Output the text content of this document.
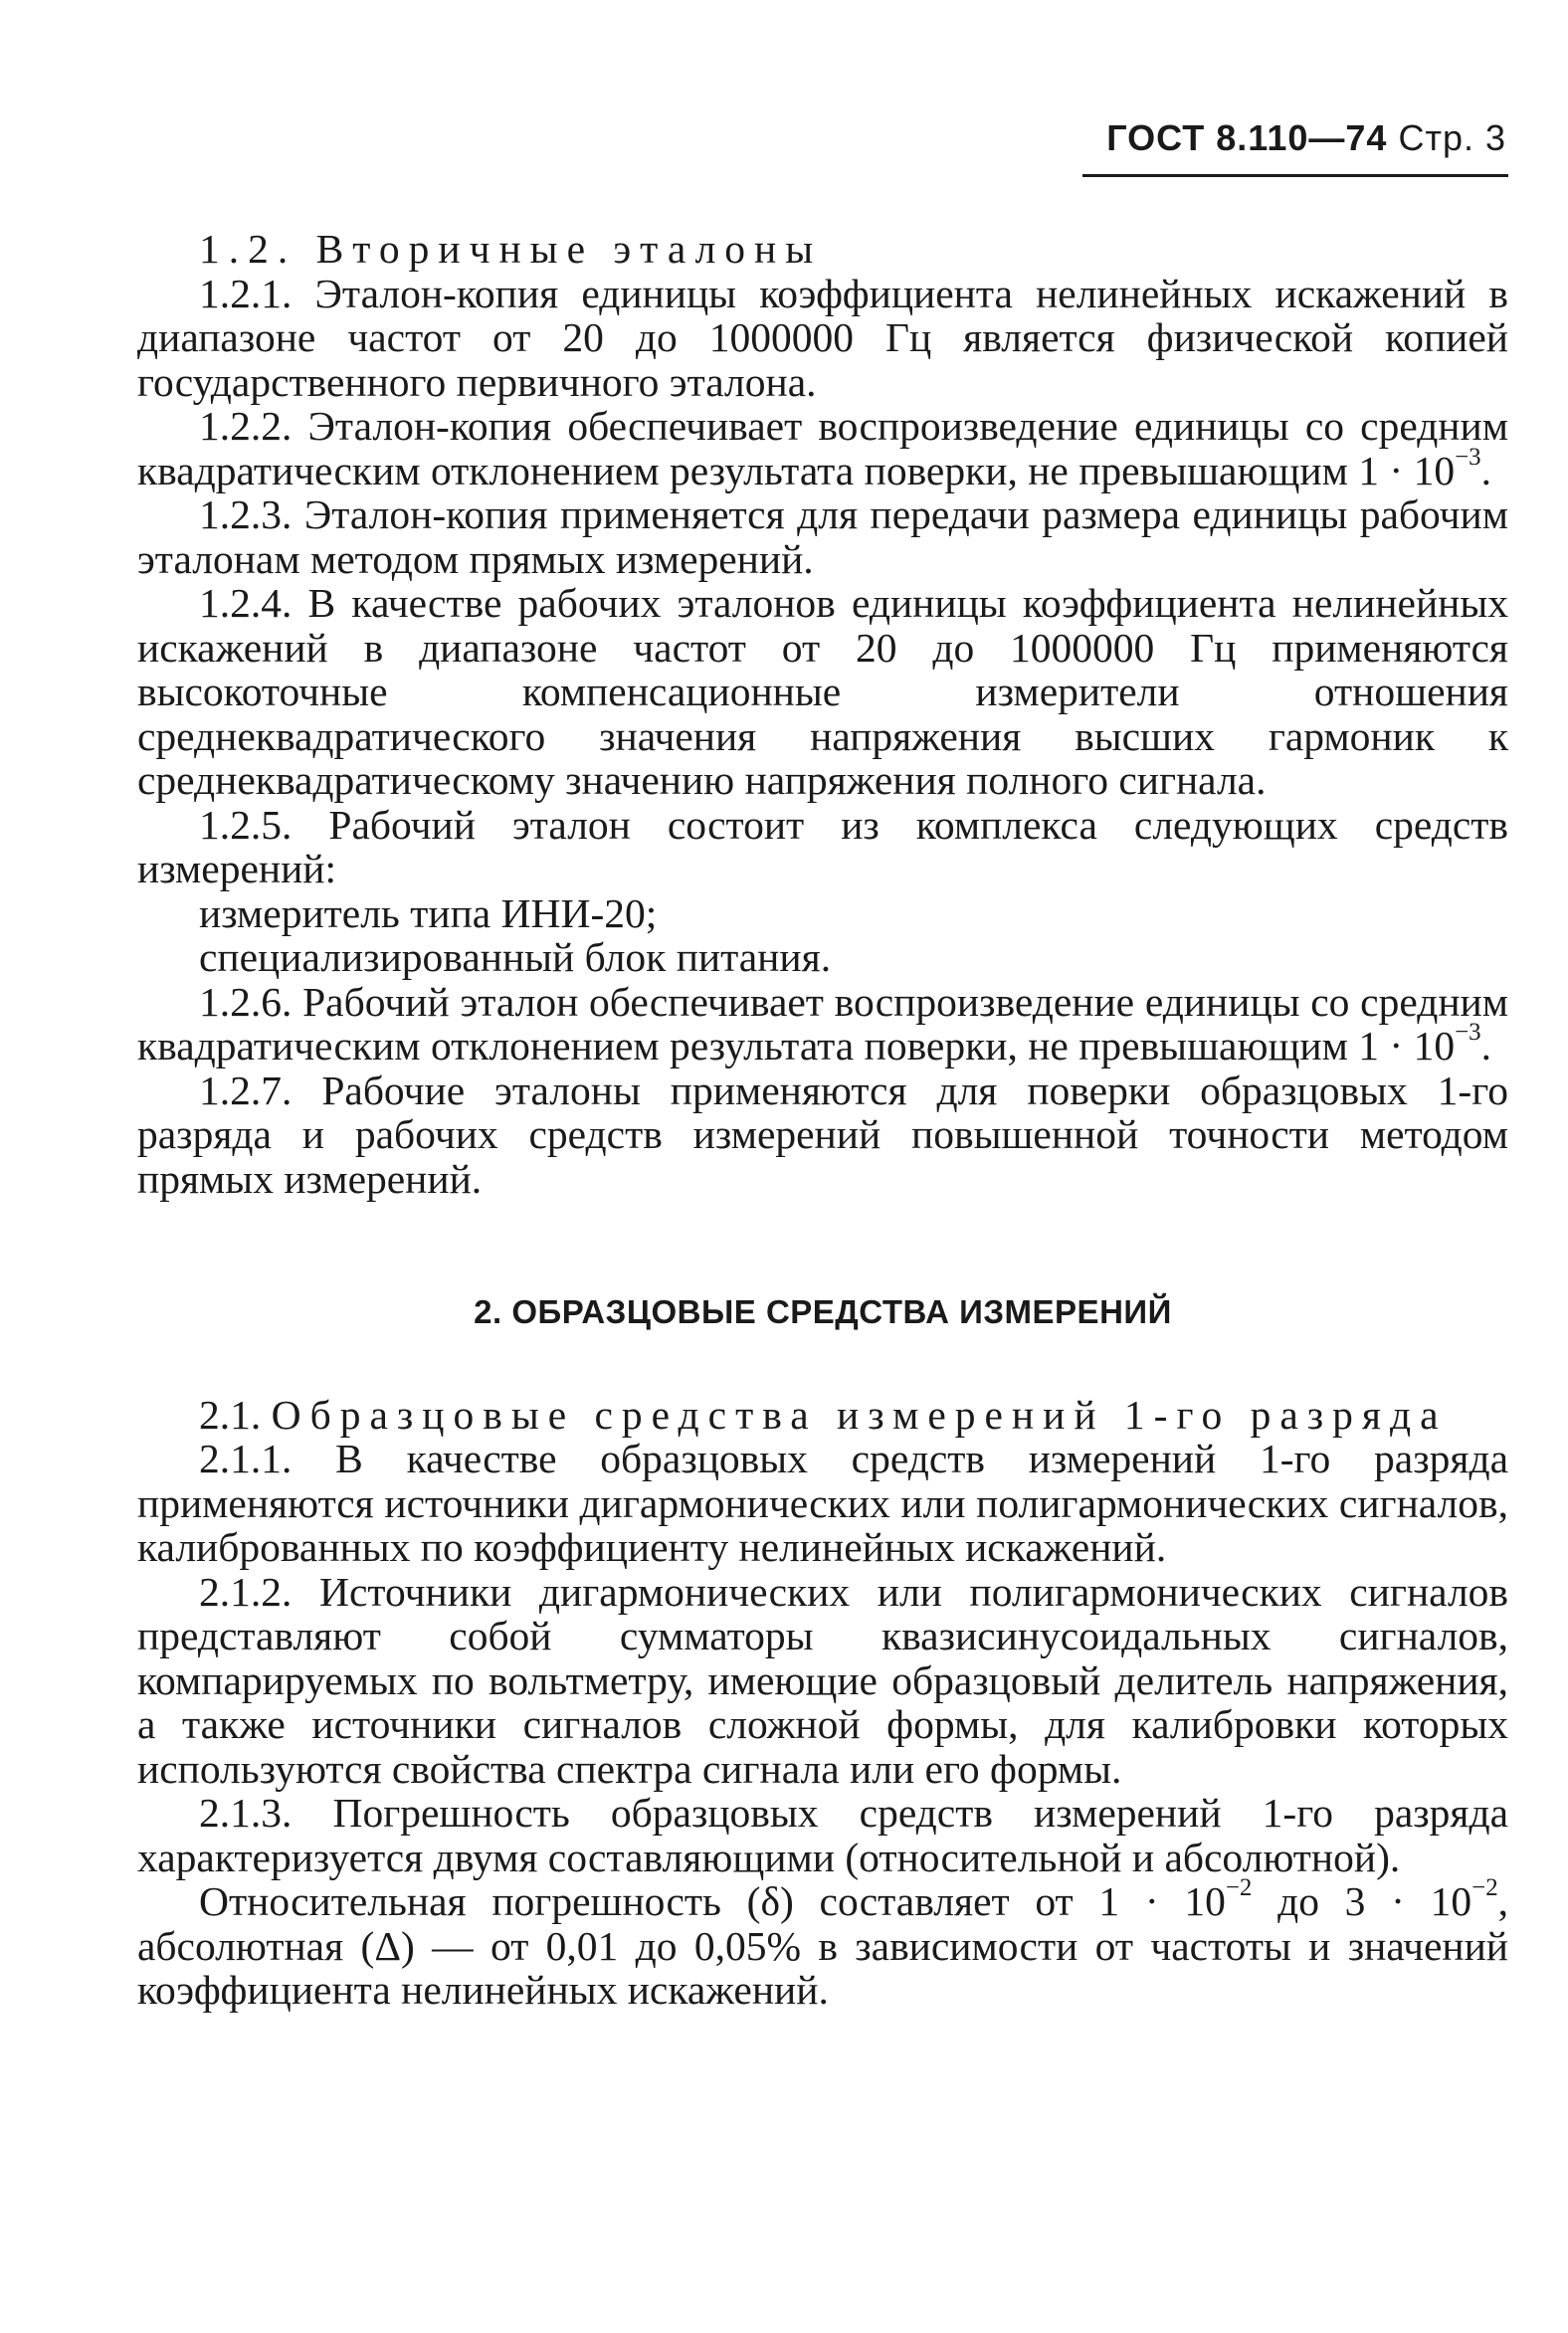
ГОСТ 8.110—74 Стр. 3

1.2. Вторичные эталоны

1.2.1. Эталон-копия единицы коэффициента нелинейных искажений в диапазоне частот от 20 до 1000000 Гц является физической копией государственного первичного эталона.

1.2.2. Эталон-копия обеспечивает воспроизведение единицы со средним квадратическим отклонением результата поверки, не превышающим $1 \cdot 10^{-3}$.

1.2.3. Эталон-копия применяется для передачи размера единицы рабочим эталонам методом прямых измерений.

1.2.4. В качестве рабочих эталонов единицы коэффициента нелинейных искажений в диапазоне частот от 20 до 1000000 Гц применяются высокоточные компенсационные измерители отношения среднеквадратического значения напряжения высших гармоник к среднеквадратическому значению напряжения полного сигнала.

1.2.5. Рабочий эталон состоит из комплекса следующих средств измерений:

измеритель типа ИНИ-20;

специализированный блок питания.

1.2.6. Рабочий эталон обеспечивает воспроизведение единицы со средним квадратическим отклонением результата поверки, не превышающим $1 \cdot 10^{-3}$.

1.2.7. Рабочие эталоны применяются для поверки образцовых 1-го разряда и рабочих средств измерений повышенной точности методом прямых измерений.

2. ОБРАЗЦОВЫЕ СРЕДСТВА ИЗМЕРЕНИЙ

2.1. Образцовые средства измерений 1-го разряда

2.1.1. В качестве образцовых средств измерений 1-го разряда применяются источники дигармонических или полигармонических сигналов, калиброванных по коэффициенту нелинейных искажений.

2.1.2. Источники дигармонических или полигармонических сигналов представляют собой сумматоры квазисинусоидальных сигналов, компарируемых по вольтметру, имеющие образцовый делитель напряжения, а также источники сигналов сложной формы, для калибровки которых используются свойства спектра сигнала или его формы.

2.1.3. Погрешность образцовых средств измерений 1-го разряда характеризуется двумя составляющими (относительной и абсолютной).

Относительная погрешность (δ) составляет от $1 \cdot 10^{-2}$ до $3 \cdot 10^{-2}$, абсолютная (Δ) — от 0,01 до 0,05% в зависимости от частоты и значений коэффициента нелинейных искажений.
